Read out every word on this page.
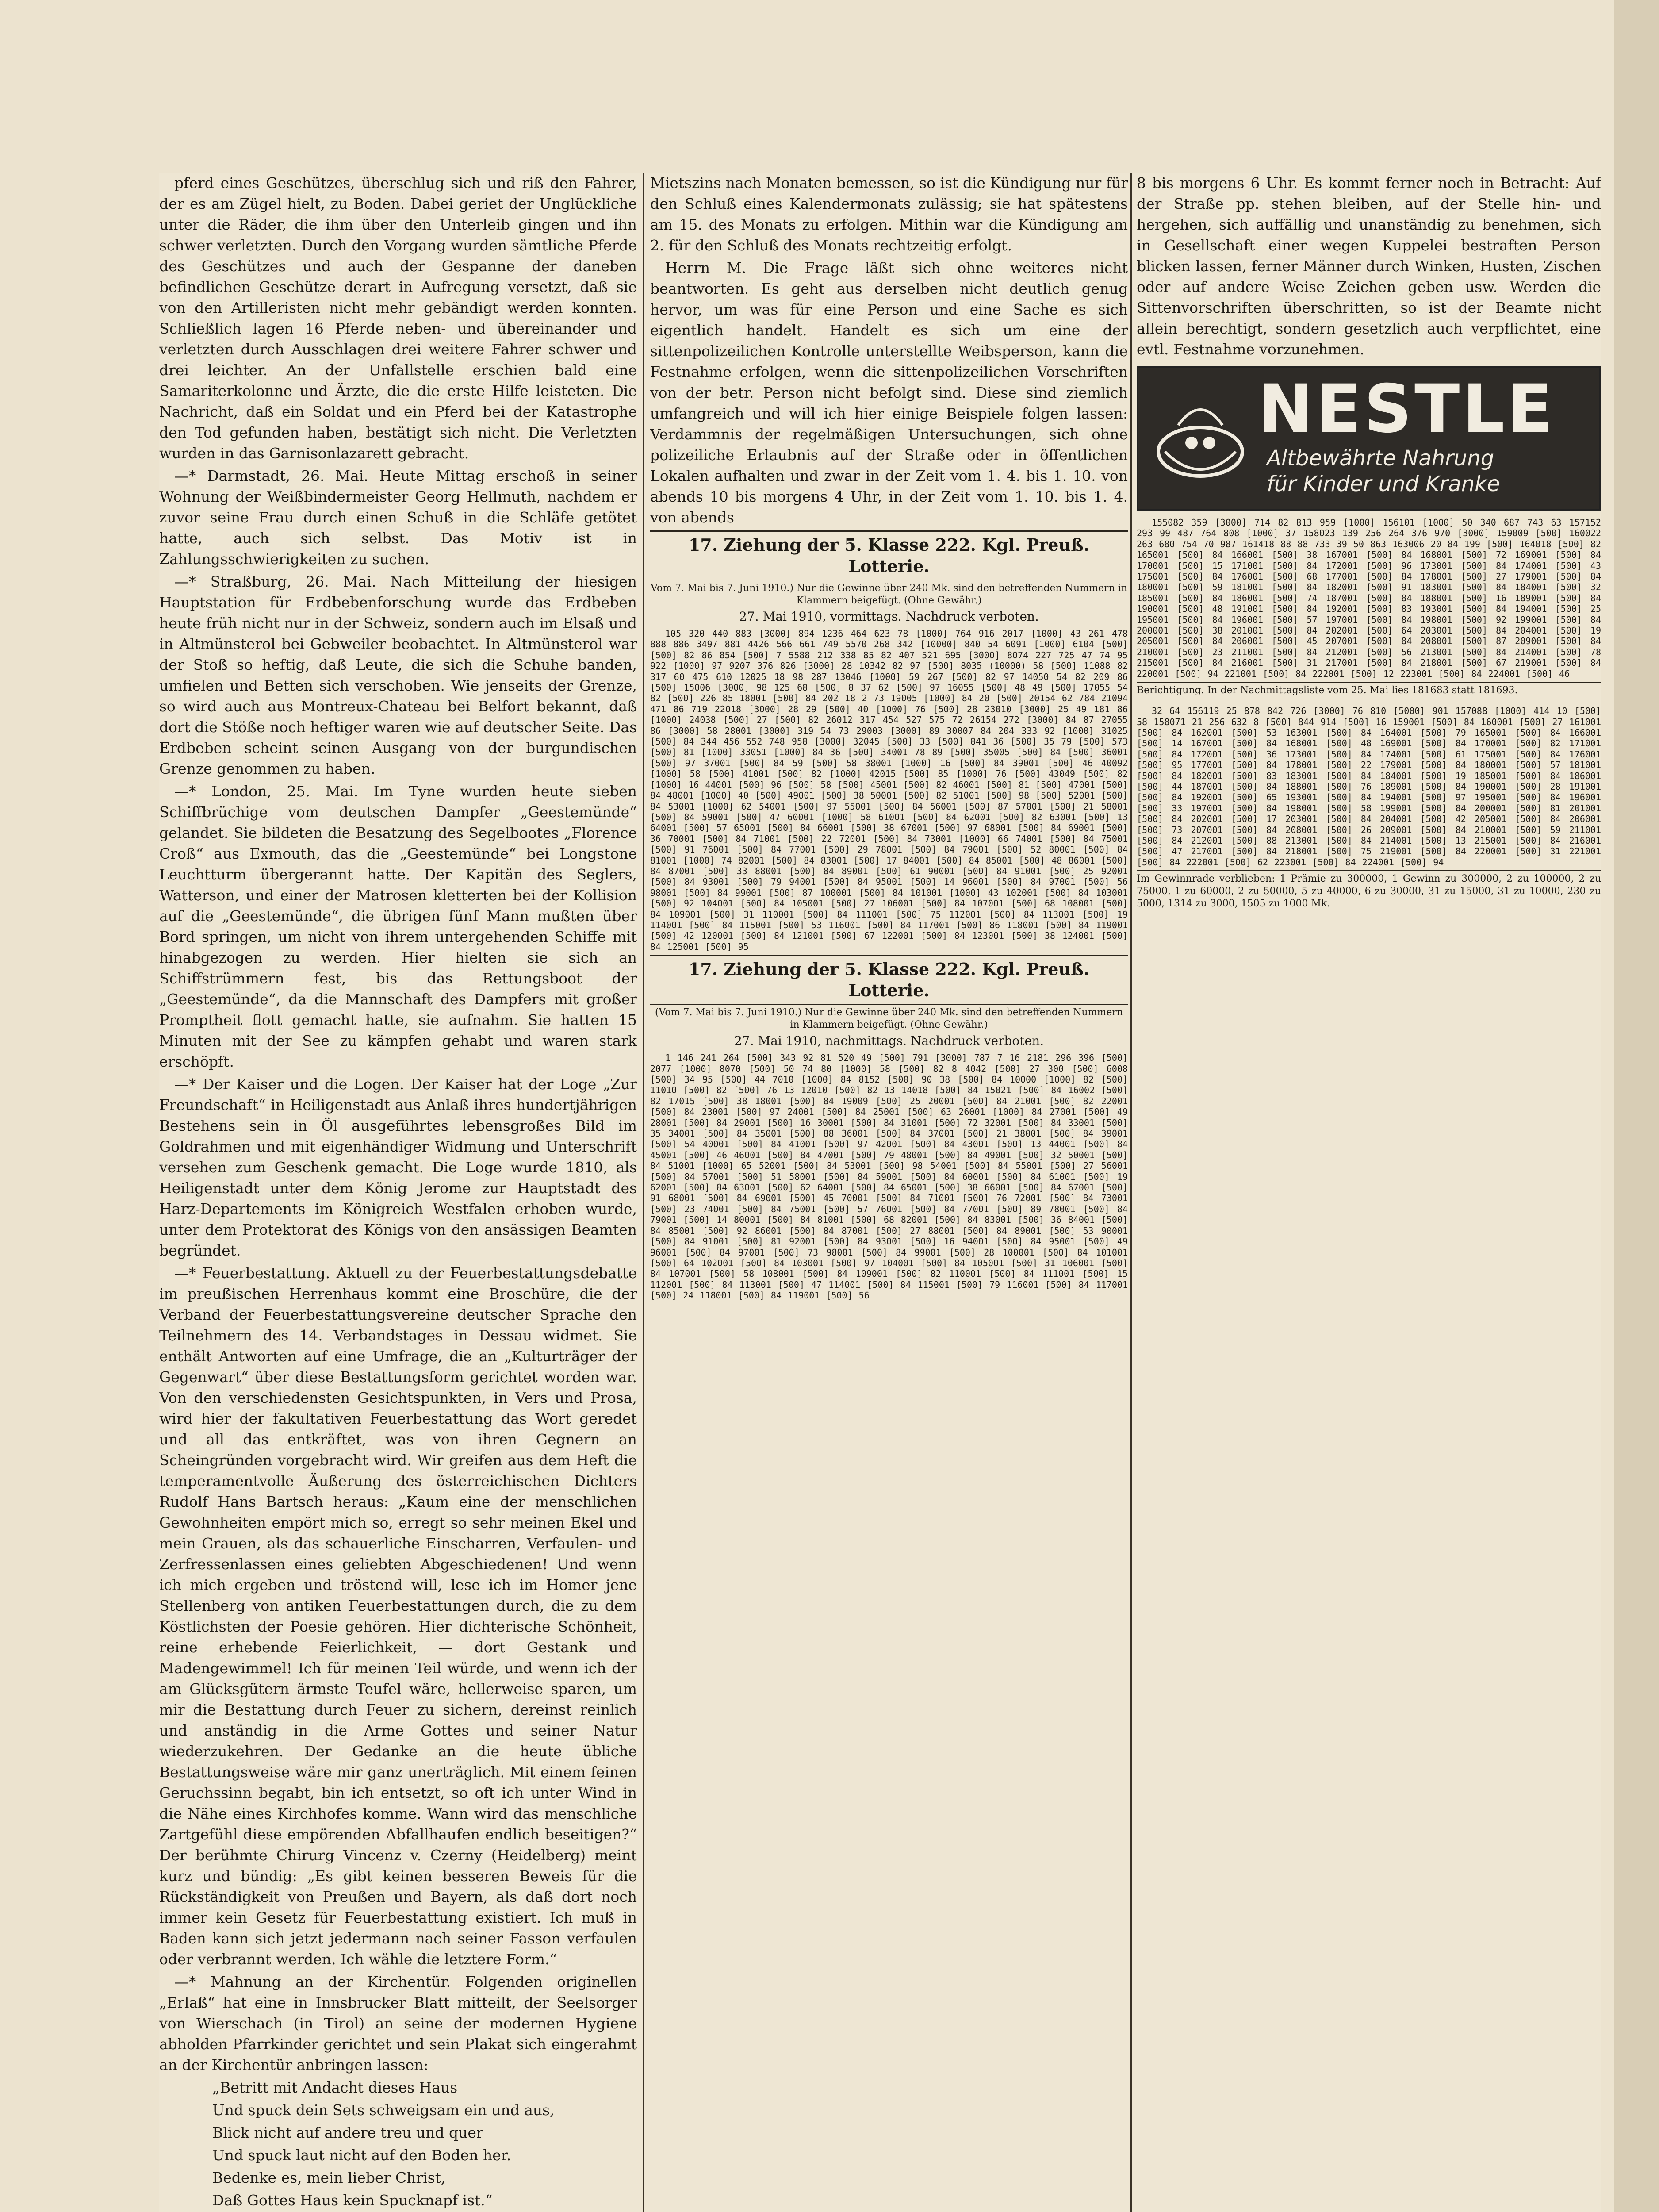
pferd eines Geschützes, überschlug sich und riß den Fahrer, der es am Zügel hielt, zu Boden. Dabei geriet der Unglückliche unter die Räder, die ihm über den Unterleib gingen und ihn schwer verletzten. Durch den Vorgang wurden sämtliche Pferde des Geschützes und auch der Gespanne der daneben befindlichen Geschütze derart in Aufregung versetzt, daß sie von den Artilleristen nicht mehr gebändigt werden konnten. Schließlich lagen 16 Pferde neben- und übereinander und verletzten durch Ausschlagen drei weitere Fahrer schwer und drei leichter. An der Unfallstelle erschien bald eine Samariterkolonne und Ärzte, die die erste Hilfe leisteten. Die Nachricht, daß ein Soldat und ein Pferd bei der Katastrophe den Tod gefunden haben, bestätigt sich nicht. Die Verletzten wurden in das Garnisonlazarett gebracht.

—* Darmstadt, 26. Mai. Heute Mittag erschoß in seiner Wohnung der Weißbindermeister Georg Hellmuth, nachdem er zuvor seine Frau durch einen Schuß in die Schläfe getötet hatte, auch sich selbst. Das Motiv ist in Zahlungsschwierigkeiten zu suchen.

—* Straßburg, 26. Mai. Nach Mitteilung der hiesigen Hauptstation für Erdbebenforschung wurde das Erdbeben heute früh nicht nur in der Schweiz, sondern auch im Elsaß und in Altmünsterol bei Gebweiler beobachtet. In Altmünsterol war der Stoß so heftig, daß Leute, die sich die Schuhe banden, umfielen und Betten sich verschoben. Wie jenseits der Grenze, so wird auch aus Montreux-Chateau bei Belfort bekannt, daß dort die Stöße noch heftiger waren wie auf deutscher Seite. Das Erdbeben scheint seinen Ausgang von der burgundischen Grenze genommen zu haben.

—* London, 25. Mai. Im Tyne wurden heute sieben Schiffbrüchige vom deutschen Dampfer „Geestemünde“ gelandet. Sie bildeten die Besatzung des Segelbootes „Florence Croß“ aus Exmouth, das die „Geestemünde“ bei Longstone Leuchtturm übergerannt hatte. Der Kapitän des Seglers, Watterson, und einer der Matrosen kletterten bei der Kollision auf die „Geestemünde“, die übrigen fünf Mann mußten über Bord springen, um nicht von ihrem untergehenden Schiffe mit hinabgezogen zu werden. Hier hielten sie sich an Schiffstrümmern fest, bis das Rettungsboot der „Geestemünde“, da die Mannschaft des Dampfers mit großer Promptheit flott gemacht hatte, sie aufnahm. Sie hatten 15 Minuten mit der See zu kämpfen gehabt und waren stark erschöpft.

—* Der Kaiser und die Logen. Der Kaiser hat der Loge „Zur Freundschaft“ in Heiligenstadt aus Anlaß ihres hundertjährigen Bestehens sein in Öl ausgeführtes lebensgroßes Bild im Goldrahmen und mit eigenhändiger Widmung und Unterschrift versehen zum Geschenk gemacht. Die Loge wurde 1810, als Heiligenstadt unter dem König Jerome zur Hauptstadt des Harz-Departements im Königreich Westfalen erhoben wurde, unter dem Protektorat des Königs von den ansässigen Beamten begründet.

—* Feuerbestattung. Aktuell zu der Feuerbestattungsdebatte im preußischen Herrenhaus kommt eine Broschüre, die der Verband der Feuerbestattungsvereine deutscher Sprache den Teilnehmern des 14. Verbandstages in Dessau widmet. Sie enthält Antworten auf eine Umfrage, die an „Kulturträger der Gegenwart“ über diese Bestattungsform gerichtet worden war. Von den verschiedensten Gesichtspunkten, in Vers und Prosa, wird hier der fakultativen Feuerbestattung das Wort geredet und all das entkräftet, was von ihren Gegnern an Scheingründen vorgebracht wird. Wir greifen aus dem Heft die temperamentvolle Äußerung des österreichischen Dichters Rudolf Hans Bartsch heraus: „Kaum eine der menschlichen Gewohnheiten empört mich so, erregt so sehr meinen Ekel und mein Grauen, als das schauerliche Einscharren, Verfaulen- und Zerfressenlassen eines geliebten Abgeschiedenen! Und wenn ich mich ergeben und tröstend will, lese ich im Homer jene Stellenberg von antiken Feuerbestattungen durch, die zu dem Köstlichsten der Poesie gehören. Hier dichterische Schönheit, reine erhebende Feierlichkeit, — dort Gestank und Madengewimmel! Ich für meinen Teil würde, und wenn ich der am Glücksgütern ärmste Teufel wäre, hellerweise sparen, um mir die Bestattung durch Feuer zu sichern, dereinst reinlich und anständig in die Arme Gottes und seiner Natur wiederzukehren. Der Gedanke an die heute übliche Bestattungsweise wäre mir ganz unerträglich. Mit einem feinen Geruchssinn begabt, bin ich entsetzt, so oft ich unter Wind in die Nähe eines Kirchhofes komme. Wann wird das menschliche Zartgefühl diese empörenden Abfallhaufen endlich beseitigen?“ Der berühmte Chirurg Vincenz v. Czerny (Heidelberg) meint kurz und bündig: „Es gibt keinen besseren Beweis für die Rückständigkeit von Preußen und Bayern, als daß dort noch immer kein Gesetz für Feuerbestattung existiert. Ich muß in Baden kann sich jetzt jedermann nach seiner Fasson verfaulen oder verbrannt werden. Ich wähle die letztere Form.“

—* Mahnung an der Kirchentür. Folgenden originellen „Erlaß“ hat eine in Innsbrucker Blatt mitteilt, der Seelsorger von Wierschach (in Tirol) an seine der modernen Hygiene abholden Pfarrkinder gerichtet und sein Plakat sich eingerahmt an der Kirchentür anbringen lassen:

„Betritt mit Andacht dieses Haus

Und spuck dein Sets schweigsam ein und aus,

Blick nicht auf andere treu und quer

Und spuck laut nicht auf den Boden her.

Bedenke es, mein lieber Christ,

Daß Gottes Haus kein Spucknapf ist.“

Mietszins nach Monaten bemessen, so ist die Kündigung nur für den Schluß eines Kalendermonats zulässig; sie hat spätestens am 15. des Monats zu erfolgen. Mithin war die Kündigung am 2. für den Schluß des Monats rechtzeitig erfolgt.

Herrn M. Die Frage läßt sich ohne weiteres nicht beantworten. Es geht aus derselben nicht deutlich genug hervor, um was für eine Person und eine Sache es sich eigentlich handelt. Handelt es sich um eine der sittenpolizeilichen Kontrolle unterstellte Weibsperson, kann die Festnahme erfolgen, wenn die sittenpolizeilichen Vorschriften von der betr. Person nicht befolgt sind. Diese sind ziemlich umfangreich und will ich hier einige Beispiele folgen lassen: Verdammnis der regelmäßigen Untersuchungen, sich ohne polizeiliche Erlaubnis auf der Straße oder in öffentlichen Lokalen aufhalten und zwar in der Zeit vom 1. 4. bis 1. 10. von abends 10 bis morgens 4 Uhr, in der Zeit vom 1. 10. bis 1. 4. von abends

17. Ziehung der 5. Klasse 222. Kgl. Preuß. Lotterie.
Vom 7. Mai bis 7. Juni 1910.) Nur die Gewinne über 240 Mk. sind den betreffenden Nummern in Klammern beigefügt. (Ohne Gewähr.)
27. Mai 1910, vormittags. Nachdruck verboten.

105 320 440 883 [3000] 894 1236 464 623 78 [1000] 764 916 2017 [1000] 43 261 478 888 886 3497 881 4426 566 661 749 5570 268 342 [10000] 840 54 6091 [1000] 6104 [500] [500] 82 86 854 [500] 7 5588 212 338 85 82 407 521 695 [3000] 8074 227 725 47 74 95 922 [1000] 97 9207 376 826 [3000] 28 10342 82 97 [500] 8035 (10000) 58 [500] 11088 82 317 60 475 610 12025 18 98 287 13046 [1000] 59 267 [500] 82 97 14050 54 82 209 86 [500] 15006 [3000] 98 125 68 [500] 8 37 62 [500] 97 16055 [500] 48 49 [500] 17055 54 82 [500] 226 85 18001 [500] 84 202 18 2 73 19005 [1000] 84 20 [500] 20154 62 784 21094 471 86 719 22018 [3000] 28 29 [500] 40 [1000] 76 [500] 28 23010 [3000] 25 49 181 86 [1000] 24038 [500] 27 [500] 82 26012 317 454 527 575 72 26154 272 [3000] 84 87 27055 86 [3000] 58 28001 [3000] 319 54 73 29003 [3000] 89 30007 84 204 333 92 [1000] 31025 [500] 84 344 456 552 748 958 [3000] 32045 [500] 33 [500] 841 36 [500] 35 79 [500] 573 [500] 81 [1000] 33051 [1000] 84 36 [500] 34001 78 89 [500] 35005 [500] 84 [500] 36001 [500] 97 37001 [500] 84 59 [500] 58 38001 [1000] 16 [500] 84 39001 [500] 46 40092 [1000] 58 [500] 41001 [500] 82 [1000] 42015 [500] 85 [1000] 76 [500] 43049 [500] 82 [1000] 16 44001 [500] 96 [500] 58 [500] 45001 [500] 82 46001 [500] 81 [500] 47001 [500] 84 48001 [1000] 40 [500] 49001 [500] 38 50001 [500] 82 51001 [500] 98 [500] 52001 [500] 84 53001 [1000] 62 54001 [500] 97 55001 [500] 84 56001 [500] 87 57001 [500] 21 58001 [500] 84 59001 [500] 47 60001 [1000] 58 61001 [500] 84 62001 [500] 82 63001 [500] 13 64001 [500] 57 65001 [500] 84 66001 [500] 38 67001 [500] 97 68001 [500] 84 69001 [500] 36 70001 [500] 84 71001 [500] 22 72001 [500] 84 73001 [1000] 66 74001 [500] 84 75001 [500] 91 76001 [500] 84 77001 [500] 29 78001 [500] 84 79001 [500] 52 80001 [500] 84 81001 [1000] 74 82001 [500] 84 83001 [500] 17 84001 [500] 84 85001 [500] 48 86001 [500] 84 87001 [500] 33 88001 [500] 84 89001 [500] 61 90001 [500] 84 91001 [500] 25 92001 [500] 84 93001 [500] 79 94001 [500] 84 95001 [500] 14 96001 [500] 84 97001 [500] 56 98001 [500] 84 99001 [500] 87 100001 [500] 84 101001 [1000] 43 102001 [500] 84 103001 [500] 92 104001 [500] 84 105001 [500] 27 106001 [500] 84 107001 [500] 68 108001 [500] 84 109001 [500] 31 110001 [500] 84 111001 [500] 75 112001 [500] 84 113001 [500] 19 114001 [500] 84 115001 [500] 53 116001 [500] 84 117001 [500] 86 118001 [500] 84 119001 [500] 42 120001 [500] 84 121001 [500] 67 122001 [500] 84 123001 [500] 38 124001 [500] 84 125001 [500] 95

17. Ziehung der 5. Klasse 222. Kgl. Preuß. Lotterie.
(Vom 7. Mai bis 7. Juni 1910.) Nur die Gewinne über 240 Mk. sind den betreffenden Nummern in Klammern beigefügt. (Ohne Gewähr.)
27. Mai 1910, nachmittags. Nachdruck verboten.

1 146 241 264 [500] 343 92 81 520 49 [500] 791 [3000] 787 7 16 2181 296 396 [500] 2077 [1000] 8070 [500] 50 74 80 [1000] 58 [500] 82 8 4042 [500] 27 300 [500] 6008 [500] 34 95 [500] 44 7010 [1000] 84 8152 [500] 90 38 [500] 84 10000 [1000] 82 [500] 11010 [500] 82 [500] 76 13 12010 [500] 82 13 14018 [500] 84 15021 [500] 84 16002 [500] 82 17015 [500] 38 18001 [500] 84 19009 [500] 25 20001 [500] 84 21001 [500] 82 22001 [500] 84 23001 [500] 97 24001 [500] 84 25001 [500] 63 26001 [1000] 84 27001 [500] 49 28001 [500] 84 29001 [500] 16 30001 [500] 84 31001 [500] 72 32001 [500] 84 33001 [500] 35 34001 [500] 84 35001 [500] 88 36001 [500] 84 37001 [500] 21 38001 [500] 84 39001 [500] 54 40001 [500] 84 41001 [500] 97 42001 [500] 84 43001 [500] 13 44001 [500] 84 45001 [500] 46 46001 [500] 84 47001 [500] 79 48001 [500] 84 49001 [500] 32 50001 [500] 84 51001 [1000] 65 52001 [500] 84 53001 [500] 98 54001 [500] 84 55001 [500] 27 56001 [500] 84 57001 [500] 51 58001 [500] 84 59001 [500] 84 60001 [500] 84 61001 [500] 19 62001 [500] 84 63001 [500] 62 64001 [500] 84 65001 [500] 38 66001 [500] 84 67001 [500] 91 68001 [500] 84 69001 [500] 45 70001 [500] 84 71001 [500] 76 72001 [500] 84 73001 [500] 23 74001 [500] 84 75001 [500] 57 76001 [500] 84 77001 [500] 89 78001 [500] 84 79001 [500] 14 80001 [500] 84 81001 [500] 68 82001 [500] 84 83001 [500] 36 84001 [500] 84 85001 [500] 92 86001 [500] 84 87001 [500] 27 88001 [500] 84 89001 [500] 53 90001 [500] 84 91001 [500] 81 92001 [500] 84 93001 [500] 16 94001 [500] 84 95001 [500] 49 96001 [500] 84 97001 [500] 73 98001 [500] 84 99001 [500] 28 100001 [500] 84 101001 [500] 64 102001 [500] 84 103001 [500] 97 104001 [500] 84 105001 [500] 31 106001 [500] 84 107001 [500] 58 108001 [500] 84 109001 [500] 82 110001 [500] 84 111001 [500] 15 112001 [500] 84 113001 [500] 47 114001 [500] 84 115001 [500] 79 116001 [500] 84 117001 [500] 24 118001 [500] 84 119001 [500] 56

8 bis morgens 6 Uhr. Es kommt ferner noch in Betracht: Auf der Straße pp. stehen bleiben, auf der Stelle hin- und hergehen, sich auffällig und unanständig zu benehmen, sich in Gesellschaft einer wegen Kuppelei bestraften Person blicken lassen, ferner Männer durch Winken, Husten, Zischen oder auf andere Weise Zeichen geben usw. Werden die Sittenvorschriften überschritten, so ist der Beamte nicht allein berechtigt, sondern gesetzlich auch verpflichtet, eine evtl. Festnahme vorzunehmen.

NESTLE
Altbewährte Nahrung
für Kinder und Kranke

155082 359 [3000] 714 82 813 959 [1000] 156101 [1000] 50 340 687 743 63 157152 293 99 487 764 808 [1000] 37 158023 139 256 264 376 970 [3000] 159009 [500] 160022 263 680 754 70 987 161418 88 88 733 39 50 863 163006 20 84 199 [500] 164018 [500] 82 165001 [500] 84 166001 [500] 38 167001 [500] 84 168001 [500] 72 169001 [500] 84 170001 [500] 15 171001 [500] 84 172001 [500] 96 173001 [500] 84 174001 [500] 43 175001 [500] 84 176001 [500] 68 177001 [500] 84 178001 [500] 27 179001 [500] 84 180001 [500] 59 181001 [500] 84 182001 [500] 91 183001 [500] 84 184001 [500] 32 185001 [500] 84 186001 [500] 74 187001 [500] 84 188001 [500] 16 189001 [500] 84 190001 [500] 48 191001 [500] 84 192001 [500] 83 193001 [500] 84 194001 [500] 25 195001 [500] 84 196001 [500] 57 197001 [500] 84 198001 [500] 92 199001 [500] 84 200001 [500] 38 201001 [500] 84 202001 [500] 64 203001 [500] 84 204001 [500] 19 205001 [500] 84 206001 [500] 45 207001 [500] 84 208001 [500] 87 209001 [500] 84 210001 [500] 23 211001 [500] 84 212001 [500] 56 213001 [500] 84 214001 [500] 78 215001 [500] 84 216001 [500] 31 217001 [500] 84 218001 [500] 67 219001 [500] 84 220001 [500] 94 221001 [500] 84 222001 [500] 12 223001 [500] 84 224001 [500] 46

Berichtigung. In der Nachmittagsliste vom 25. Mai lies 181683 statt 181693.

32 64 156119 25 878 842 726 [3000] 76 810 [5000] 901 157088 [1000] 414 10 [500] 58 158071 21 256 632 8 [500] 844 914 [500] 16 159001 [500] 84 160001 [500] 27 161001 [500] 84 162001 [500] 53 163001 [500] 84 164001 [500] 79 165001 [500] 84 166001 [500] 14 167001 [500] 84 168001 [500] 48 169001 [500] 84 170001 [500] 82 171001 [500] 84 172001 [500] 36 173001 [500] 84 174001 [500] 61 175001 [500] 84 176001 [500] 95 177001 [500] 84 178001 [500] 22 179001 [500] 84 180001 [500] 57 181001 [500] 84 182001 [500] 83 183001 [500] 84 184001 [500] 19 185001 [500] 84 186001 [500] 44 187001 [500] 84 188001 [500] 76 189001 [500] 84 190001 [500] 28 191001 [500] 84 192001 [500] 65 193001 [500] 84 194001 [500] 97 195001 [500] 84 196001 [500] 33 197001 [500] 84 198001 [500] 58 199001 [500] 84 200001 [500] 81 201001 [500] 84 202001 [500] 17 203001 [500] 84 204001 [500] 42 205001 [500] 84 206001 [500] 73 207001 [500] 84 208001 [500] 26 209001 [500] 84 210001 [500] 59 211001 [500] 84 212001 [500] 88 213001 [500] 84 214001 [500] 13 215001 [500] 84 216001 [500] 47 217001 [500] 84 218001 [500] 75 219001 [500] 84 220001 [500] 31 221001 [500] 84 222001 [500] 62 223001 [500] 84 224001 [500] 94

Im Gewinnrade verblieben: 1 Prämie zu 300000, 1 Gewinn zu 300000, 2 zu 100000, 2 zu 75000, 1 zu 60000, 2 zu 50000, 5 zu 40000, 6 zu 30000, 31 zu 15000, 31 zu 10000, 230 zu 5000, 1314 zu 3000, 1505 zu 1000 Mk.
